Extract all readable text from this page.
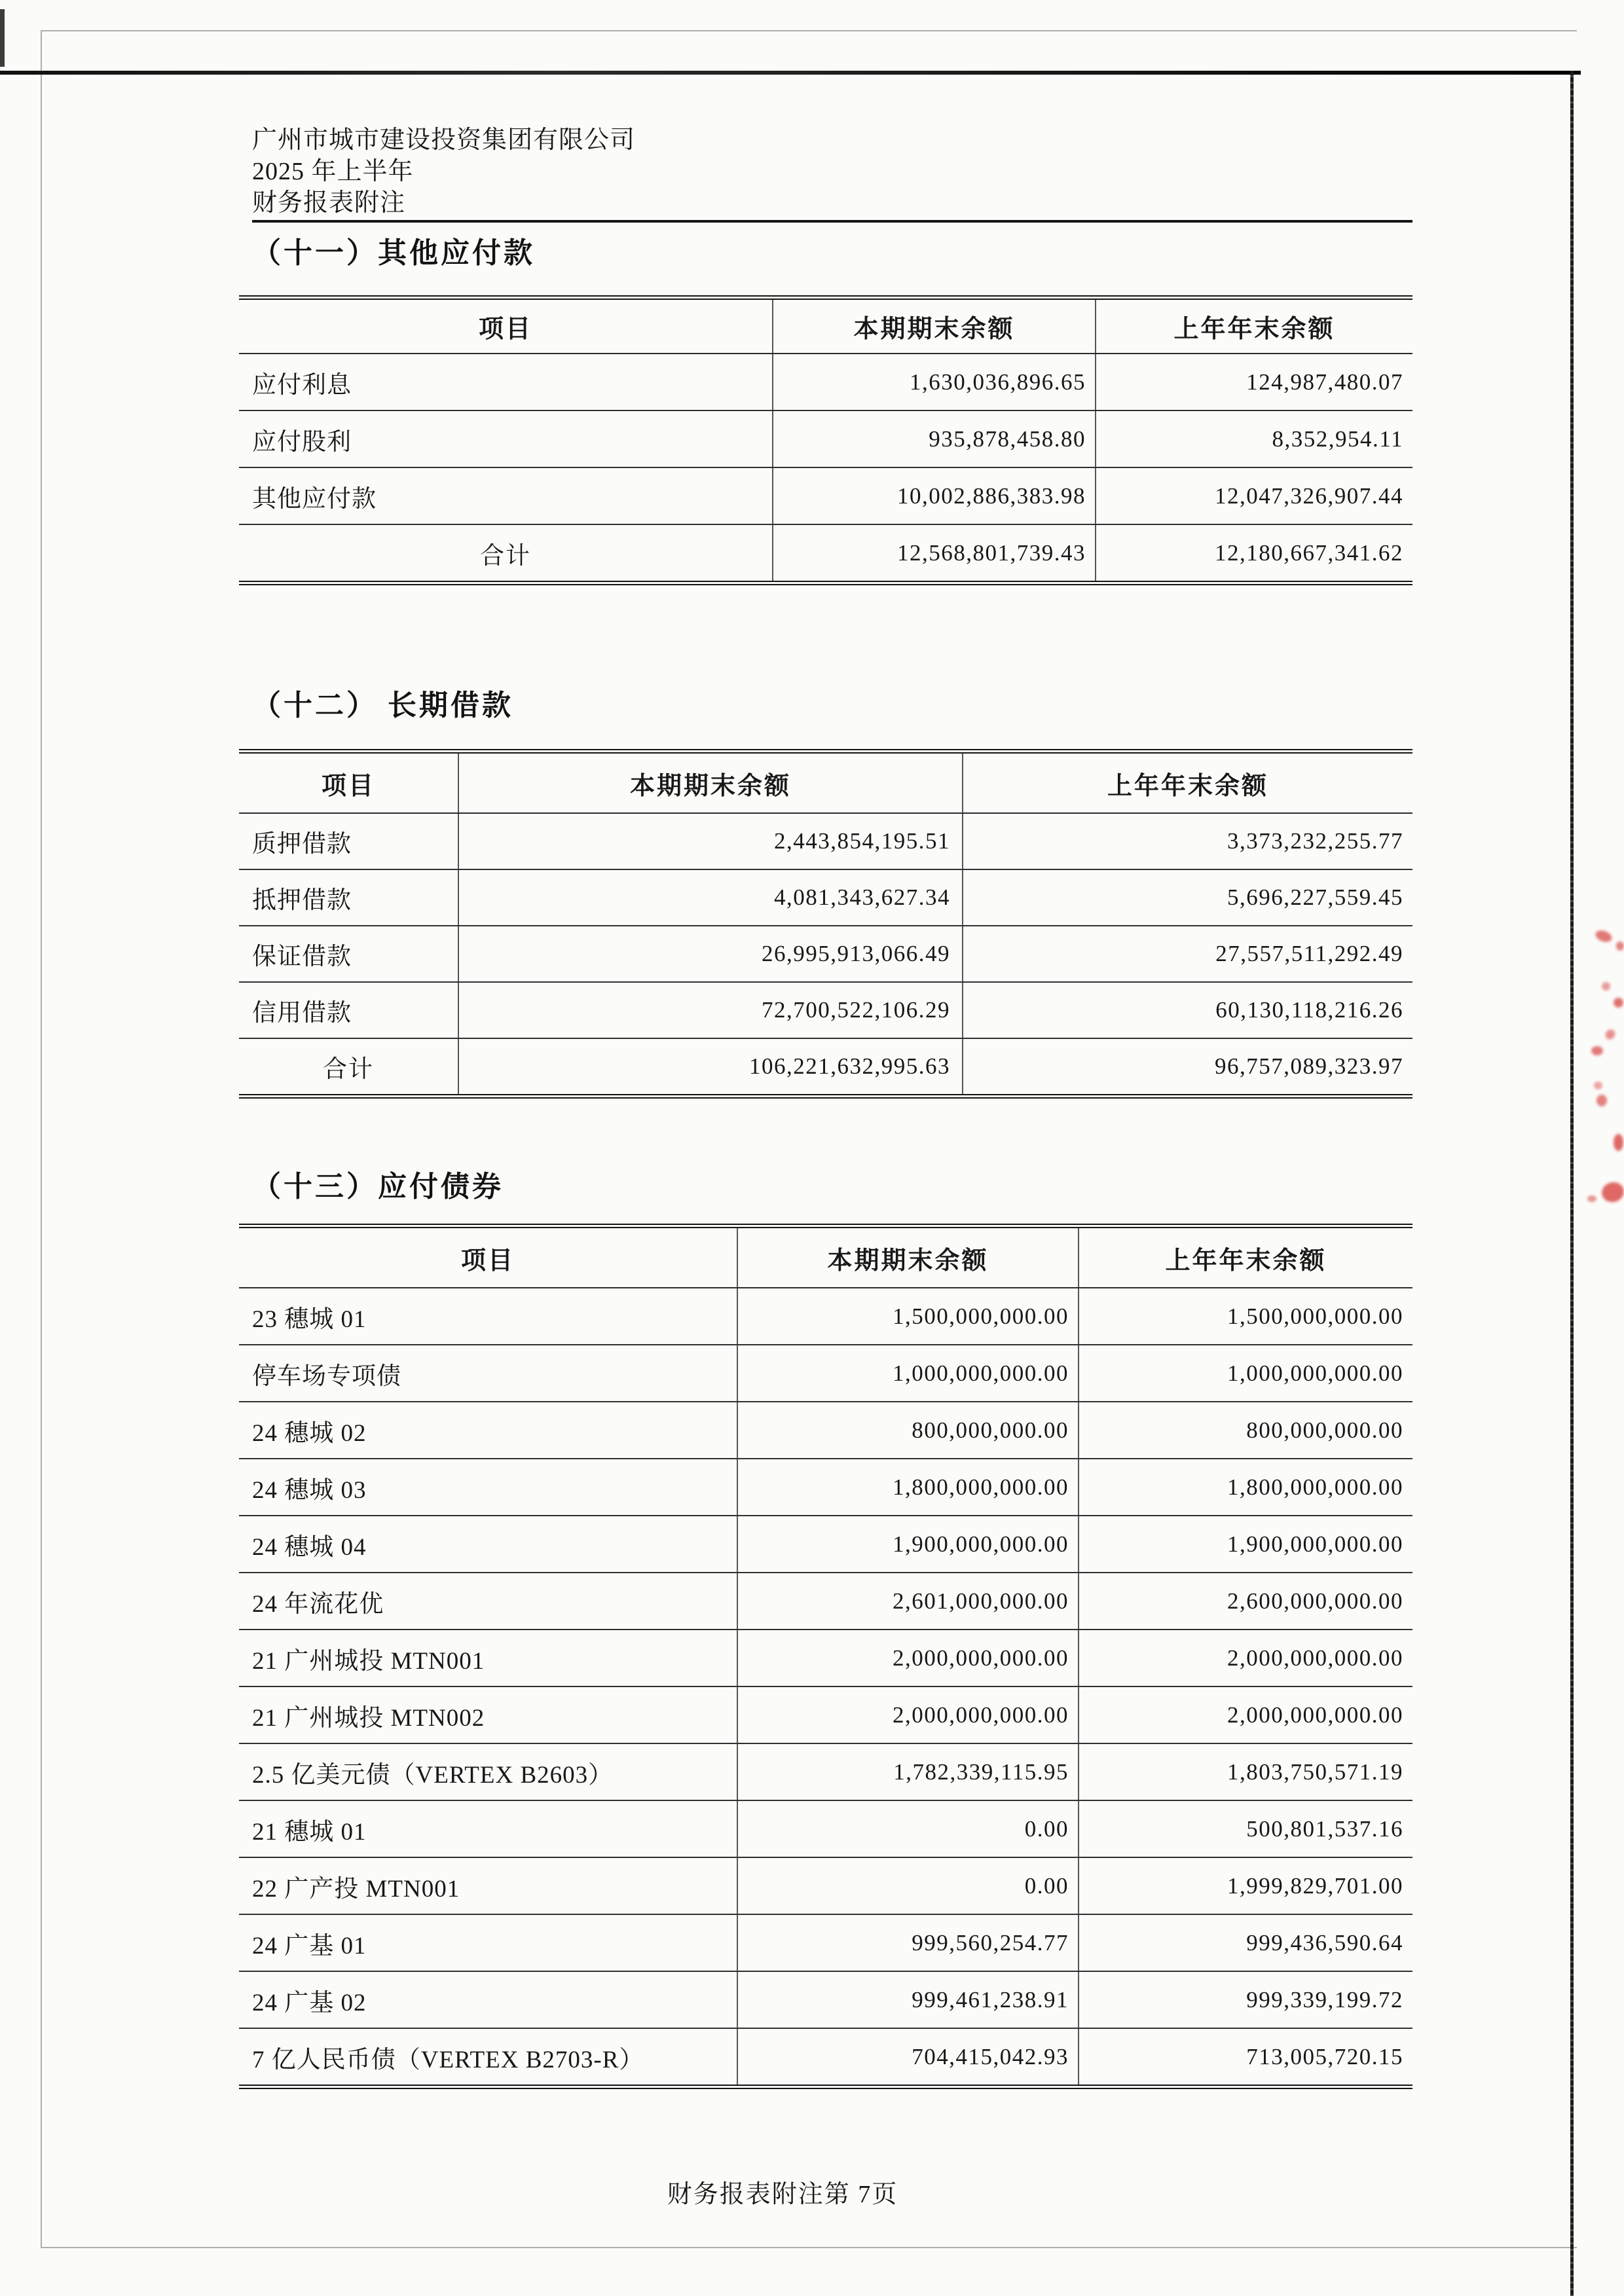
广州市城市建设投资集团有限公司
2025 年上半年
财务报表附注
（十一）其他应付款
项目	本期期末余额	上年年末余额
应付利息	1,630,036,896.65	124,987,480.07
应付股利	935,878,458.80	8,352,954.11
其他应付款	10,002,886,383.98	12,047,326,907.44
合计	12,568,801,739.43	12,180,667,341.62
（十二） 长期借款
项目	本期期末余额	上年年末余额
质押借款	2,443,854,195.51	3,373,232,255.77
抵押借款	4,081,343,627.34	5,696,227,559.45
保证借款	26,995,913,066.49	27,557,511,292.49
信用借款	72,700,522,106.29	60,130,118,216.26
合计	106,221,632,995.63	96,757,089,323.97
（十三）应付债券
项目	本期期末余额	上年年末余额
23 穗城 01	1,500,000,000.00	1,500,000,000.00
停车场专项债	1,000,000,000.00	1,000,000,000.00
24 穗城 02	800,000,000.00	800,000,000.00
24 穗城 03	1,800,000,000.00	1,800,000,000.00
24 穗城 04	1,900,000,000.00	1,900,000,000.00
24 年流花优	2,601,000,000.00	2,600,000,000.00
21 广州城投 MTN001	2,000,000,000.00	2,000,000,000.00
21 广州城投 MTN002	2,000,000,000.00	2,000,000,000.00
2.5 亿美元债（VERTEX B2603）	1,782,339,115.95	1,803,750,571.19
21 穗城 01	0.00	500,801,537.16
22 广产投 MTN001	0.00	1,999,829,701.00
24 广基 01	999,560,254.77	999,436,590.64
24 广基 02	999,461,238.91	999,339,199.72
7 亿人民币债（VERTEX B2703-R）	704,415,042.93	713,005,720.15
财务报表附注第 7页
